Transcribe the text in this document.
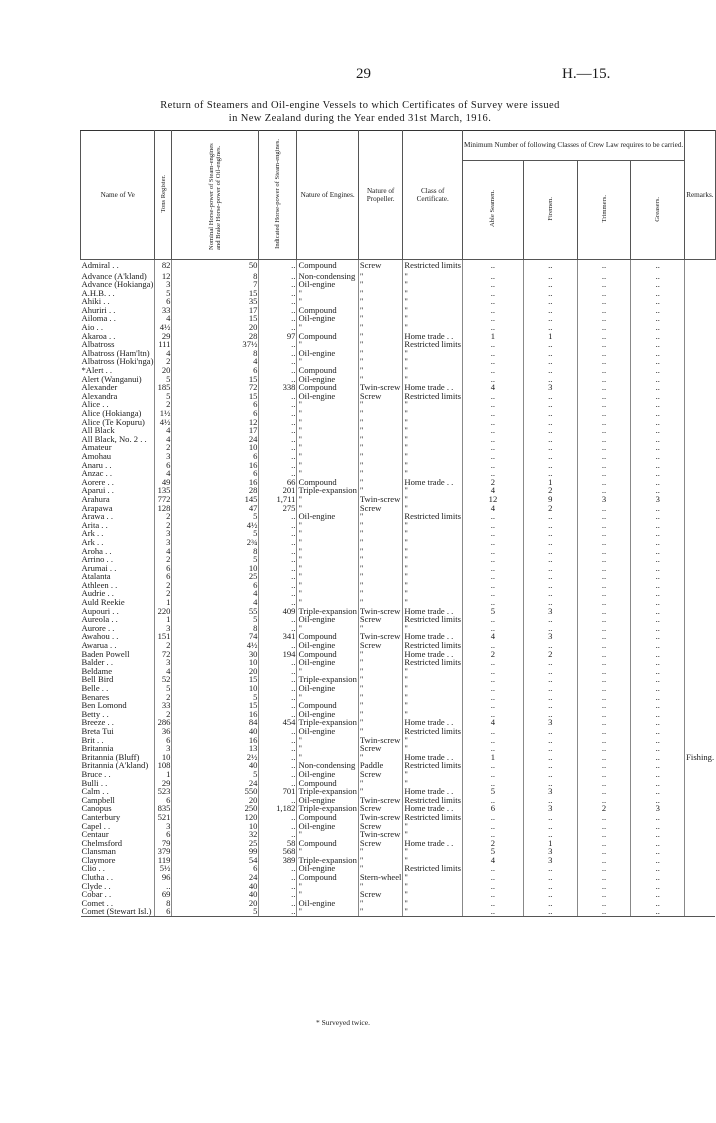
29	H.—15.
Return of Steamers and Oil-engine Vessels to which Certificates of Survey were issued
in New Zealand during the Year ended 31st March, 1916.
Name of Ve	Tons Register.	Nominal Horse-power of Steam-engines and Brake Horse-power of Oil-engines.	Indicated Horse-power of Steam-engines.	Nature of Engines.	Nature of Propeller.	Class of Certificate.	Minimum Number of following Classes of Crew Law requires to be carried.				Remarks.
							Able Seamen.	Firemen.	Trimmers.	Greasers.	
Admiral . .	82	50	..	Compound	Screw	Restricted limits	..	..	..	..	
Advance (A'kland)	12	8	..	Non-condensing	"	"	..	..	..	..	
Advance (Hokianga)	3	7	..	Oil-engine	"	"	..	..	..	..	
A.H.B. . .	5	15	..	"	"	"	..	..	..	..	
Ahiki . .	6	35	..	"	"	"	..	..	..	..	
Ahuriri . .	33	17	..	Compound	"	"	..	..	..	..	
Ailoma . .	4	15	..	Oil-engine	"	"	..	..	..	..	
Aio . .	4½	20	..	"	"	"	..	..	..	..	
Akaroa . .	29	28	97	Compound	"	Home trade . .	1	1	..	..	
Albatross	111	37½	..	"	"	Restricted limits	..	..	..	..	
Albatross (Ham'ltn)	4	8	..	Oil-engine	"	"	..	..	..	..	
Albatross (Hoki'nga)	2	4	..	"	"	"	..	..	..	..	
*Alert . .	20	6	..	Compound	"	"	..	..	..	..	
Alert (Wanganui)	5	15	..	Oil-engine	"	"	..	..	..	..	
Alexander	185	72	338	Compound	Twin-screw	Home trade . .	4	3	..	..	
Alexandra	5	15	..	Oil-engine	Screw	Restricted limits	..	..	..	..	
Alice . .	2	6	..	"	"	"	..	..	..	..	
Alice (Hokianga)	1½	6	..	"	"	"	..	..	..	..	
Alice (Te Kopuru)	4½	12	..	"	"	"	..	..	..	..	
All Black	4	17	..	"	"	"	..	..	..	..	
All Black, No. 2 . .	4	24	..	"	"	"	..	..	..	..	
Amateur	2	10	..	"	"	"	..	..	..	..	
Amohau	3	6	..	"	"	"	..	..	..	..	
Anaru . .	6	16	..	"	"	"	..	..	..	..	
Anzac . .	4	6	..	"	"	"	..	..	..	..	
Aorere . .	49	16	66	Compound	"	Home trade . .	2	1	..	..	
Aparui . .	135	28	201	Triple-expansion	"	"	4	2	..	..	
Arahura	772	145	1,711	"	Twin-screw	"	12	9	3	3	
Arapawa	128	47	275	"	Screw	"	4	2	..	..	
Arawa . .	2	5	..	Oil-engine	"	Restricted limits	..	..	..	..	
Arita . .	2	4½	..	"	"	"	..	..	..	..	
Ark . .	3	5	..	"	"	"	..	..	..	..	
Ark . .	3	2¾	..	"	"	"	..	..	..	..	
Aroha . .	4	8	..	"	"	"	..	..	..	..	
Arrino . .	2	5	..	"	"	"	..	..	..	..	
Arumai . .	6	10	..	"	"	"	..	..	..	..	
Atalanta	6	25	..	"	"	"	..	..	..	..	
Athleen . .	2	6	..	"	"	"	..	..	..	..	
Audrie . .	2	4	..	"	"	"	..	..	..	..	
Auld Reekie	1	4	..	"	"	"	..	..	..	..	
Aupouri . .	220	55	409	Triple-expansion	Twin-screw	Home trade . .	5	3	..	..	
Aureola . .	1	5	..	Oil-engine	Screw	Restricted limits	..	..	..	..	
Aurore . .	3	8	..	"	"	"	..	..	..	..	
Awahou . .	151	74	341	Compound	Twin-screw	Home trade . .	4	3	..	..	
Awarua . .	2	4½	..	Oil-engine	Screw	Restricted limits	..	..	..	..	
Baden Powell	72	30	194	Compound	"	Home trade . .	2	2	..	..	
Balder . .	3	10	..	Oil-engine	"	Restricted limits	..	..	..	..	
Beldame	4	20	..	"	"	"	..	..	..	..	
Bell Bird	52	15	..	Triple-expansion	"	"	..	..	..	..	
Belle . .	5	10	..	Oil-engine	"	"	..	..	..	..	
Benares	2	5	..	"	"	"	..	..	..	..	
Ben Lomond	33	15	..	Compound	"	"	..	..	..	..	
Betty . .	2	16	..	Oil-engine	"	"	..	..	..	..	
Breeze . .	286	84	454	Triple-expansion	"	Home trade . .	4	3	..	..	
Breta Tui	36	40	..	Oil-engine	"	Restricted limits	..	..	..	..	
Brit . .	6	16	..	"	Twin-screw	"	..	..	..	..	
Britannia	3	13	..	"	Screw	"	..	..	..	..	
Britannia (Bluff)	10	2½	..	"	"	Home trade . .	1	..	..	..	Fishing.
Britannia (A'kland)	108	40	..	Non-condensing	Paddle	Restricted limits	..	..	..	..	
Bruce . .	1	5	..	Oil-engine	Screw	"	..	..	..	..	
Bulli . .	29	24	..	Compound	"	"	..	..	..	..	
Calm . .	523	550	701	Triple-expansion	"	Home trade . .	5	3	..	..	
Campbell	6	20	..	Oil-engine	Twin-screw	Restricted limits	..	..	..	..	
Canopus	835	250	1,182	Triple-expansion	Screw	Home trade . .	6	3	2	3	
Canterbury	521	120	..	Compound	Twin-screw	Restricted limits	..	..	..	..	
Capel . .	3	10	..	Oil-engine	Screw	"	..	..	..	..	
Centaur	6	32	..	"	Twin-screw	"	..	..	..	..	
Chelmsford	79	25	58	Compound	Screw	Home trade . .	2	1	..	..	
Clansman	379	99	568	"	"	"	5	3	..	..	
Claymore	119	54	389	Triple-expansion	"	"	4	3	..	..	
Clio . .	5½	6	..	Oil-engine	"	Restricted limits	..	..	..	..	
Clutha . .	96	24	..	Compound	Stern-wheel	"	..	..	..	..	
Clyde . .	..	40	..	"	"	"	..	..	..	..	
Cobar . .	69	40	..	"	Screw	"	..	..	..	..	
Comet . .	8	20	..	Oil-engine	"	"	..	..	..	..	
Comet (Stewart Isl.)	6	5	..	"	"	"	..	..	..	..	
* Surveyed twice.
